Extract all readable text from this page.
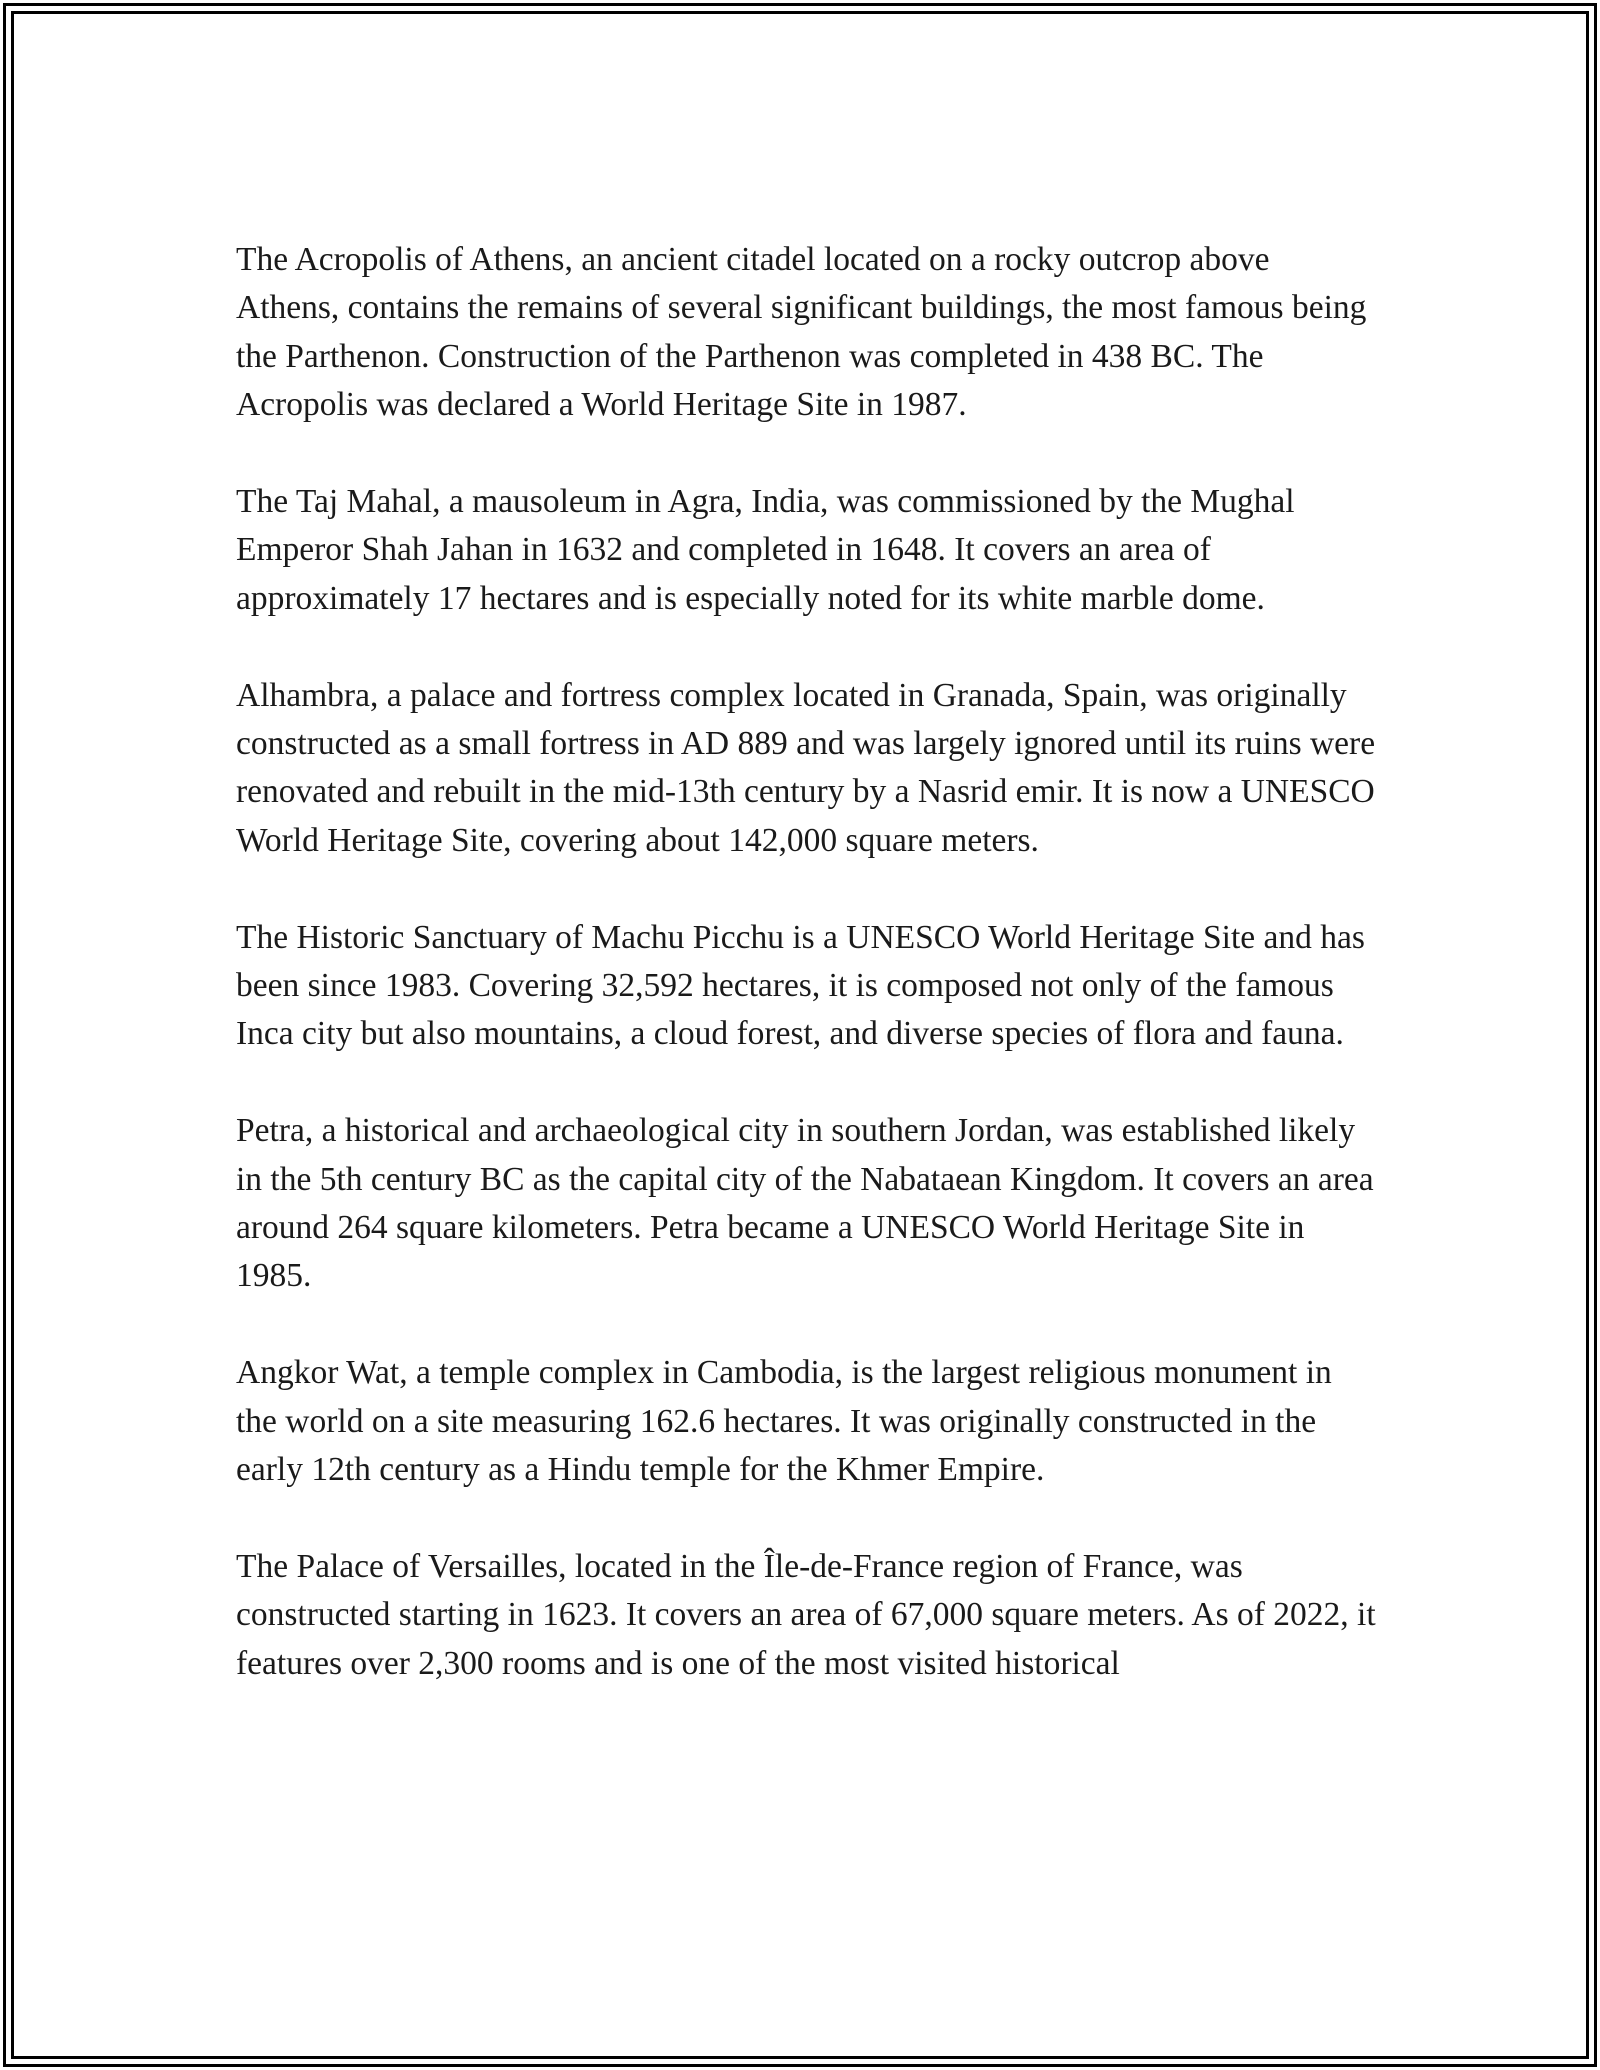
The Acropolis of Athens, an ancient citadel located on a rocky outcrop above Athens, contains the remains of several significant buildings, the most famous being the Parthenon. Construction of the Parthenon was completed in 438 BC. The Acropolis was declared a World Heritage Site in 1987.

The Taj Mahal, a mausoleum in Agra, India, was commissioned by the Mughal Emperor Shah Jahan in 1632 and completed in 1648. It covers an area of approximately 17 hectares and is especially noted for its white marble dome.

Alhambra, a palace and fortress complex located in Granada, Spain, was originally constructed as a small fortress in AD 889 and was largely ignored until its ruins were renovated and rebuilt in the mid-13th century by a Nasrid emir. It is now a UNESCO World Heritage Site, covering about 142,000 square meters.

The Historic Sanctuary of Machu Picchu is a UNESCO World Heritage Site and has been since 1983. Covering 32,592 hectares, it is composed not only of the famous Inca city but also mountains, a cloud forest, and diverse species of flora and fauna.

Petra, a historical and archaeological city in southern Jordan, was established likely in the 5th century BC as the capital city of the Nabataean Kingdom. It covers an area around 264 square kilometers. Petra became a UNESCO World Heritage Site in 1985.

Angkor Wat, a temple complex in Cambodia, is the largest religious monument in the world on a site measuring 162.6 hectares. It was originally constructed in the early 12th century as a Hindu temple for the Khmer Empire.

The Palace of Versailles, located in the Île-de-France region of France, was constructed starting in 1623. It covers an area of 67,000 square meters. As of 2022, it features over 2,300 rooms and is one of the most visited historical
